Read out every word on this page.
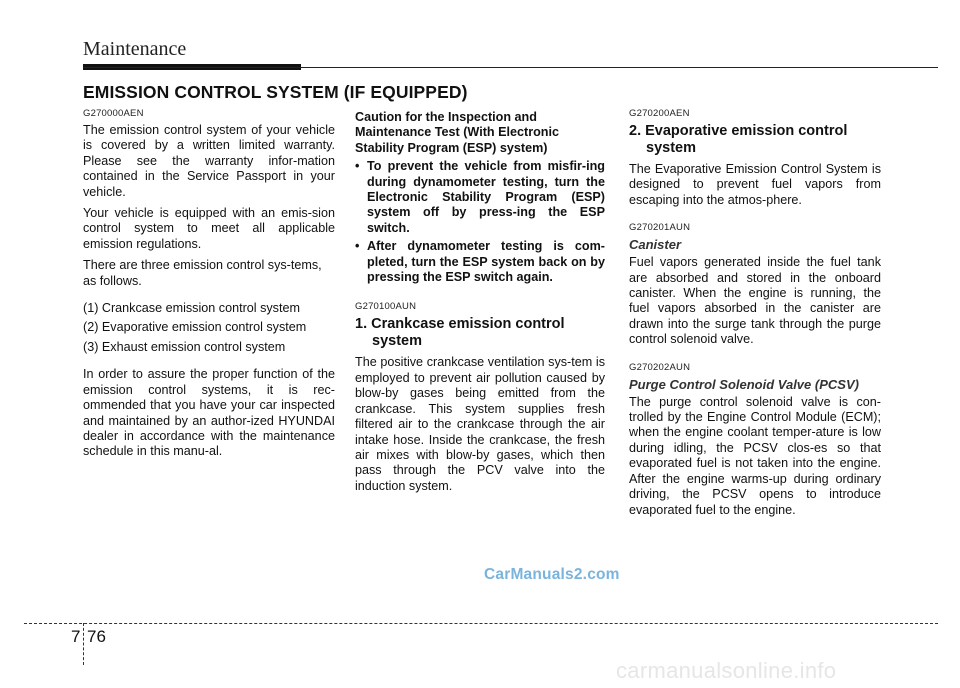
Maintenance
EMISSION CONTROL SYSTEM (IF EQUIPPED)
G270000AEN

The emission control system of your vehicle is covered by a written limited warranty. Please see the warranty infor-mation contained in the Service Passport in your vehicle.

Your vehicle is equipped with an emis-sion control system to meet all applicable emission regulations.

There are three emission control sys-tems, as follows.

(1) Crankcase emission control system
(2) Evaporative emission control system
(3) Exhaust emission control system

In order to assure the proper function of the emission control systems, it is rec-ommended that you have your car inspected and maintained by an author-ized HYUNDAI dealer in accordance with the maintenance schedule in this manu-al.

Caution for the Inspection and Maintenance Test (With Electronic Stability Program (ESP) system)
• To prevent the vehicle from misfir-ing during dynamometer testing, turn the Electronic Stability Program (ESP) system off by press-ing the ESP switch.
• After dynamometer testing is com-pleted, turn the ESP system back on by pressing the ESP switch again.
G270100AUN
1. Crankcase emission control
system

The positive crankcase ventilation sys-tem is employed to prevent air pollution caused by blow-by gases being emitted from the crankcase. This system supplies fresh filtered air to the crankcase through the air intake hose. Inside the crankcase, the fresh air mixes with blow-by gases, which then pass through the PCV valve into the induction system.

G270200AEN
2. Evaporative emission control
system

The Evaporative Emission Control System is designed to prevent fuel vapors from escaping into the atmos-phere.

G270201AUN
Canister

Fuel vapors generated inside the fuel tank are absorbed and stored in the onboard canister. When the engine is running, the fuel vapors absorbed in the canister are drawn into the surge tank through the purge control solenoid valve.

G270202AUN
Purge Control Solenoid Valve (PCSV)

The purge control solenoid valve is con-trolled by the Engine Control Module (ECM); when the engine coolant temper-ature is low during idling, the PCSV clos-es so that evaporated fuel is not taken into the engine. After the engine warms-up during ordinary driving, the PCSV opens to introduce evaporated fuel to the engine.

CarManuals2.com
7 76
carmanualsonline.info
